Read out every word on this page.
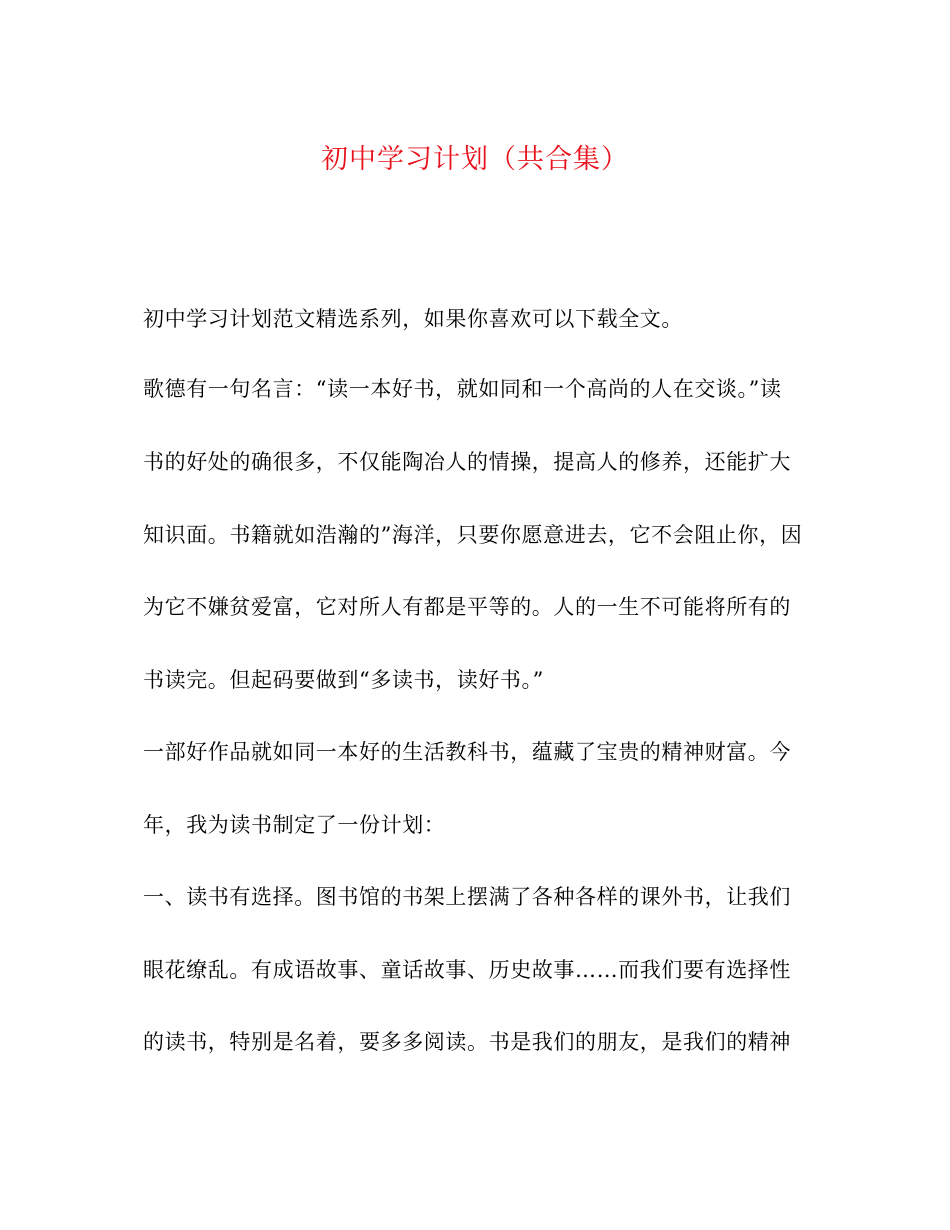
初中学习计划（共合集）
初中学习计划范文精选系列，如果你喜欢可以下载全文。
歌德有一句名言：“读一本好书，就如同和一个高尚的人在交谈。”读
书的好处的确很多，不仅能陶冶人的情操，提高人的修养，还能扩大
知识面。书籍就如浩瀚的”海洋，只要你愿意进去，它不会阻止你，因
为它不嫌贫爱富，它对所人有都是平等的。人的一生不可能将所有的
书读完。但起码要做到“多读书，读好书。”
一部好作品就如同一本好的生活教科书，蕴藏了宝贵的精神财富。今
年，我为读书制定了一份计划：
一、读书有选择。图书馆的书架上摆满了各种各样的课外书，让我们
眼花缭乱。有成语故事、童话故事、历史故事……而我们要有选择性
的读书，特别是名着，要多多阅读。书是我们的朋友，是我们的精神
